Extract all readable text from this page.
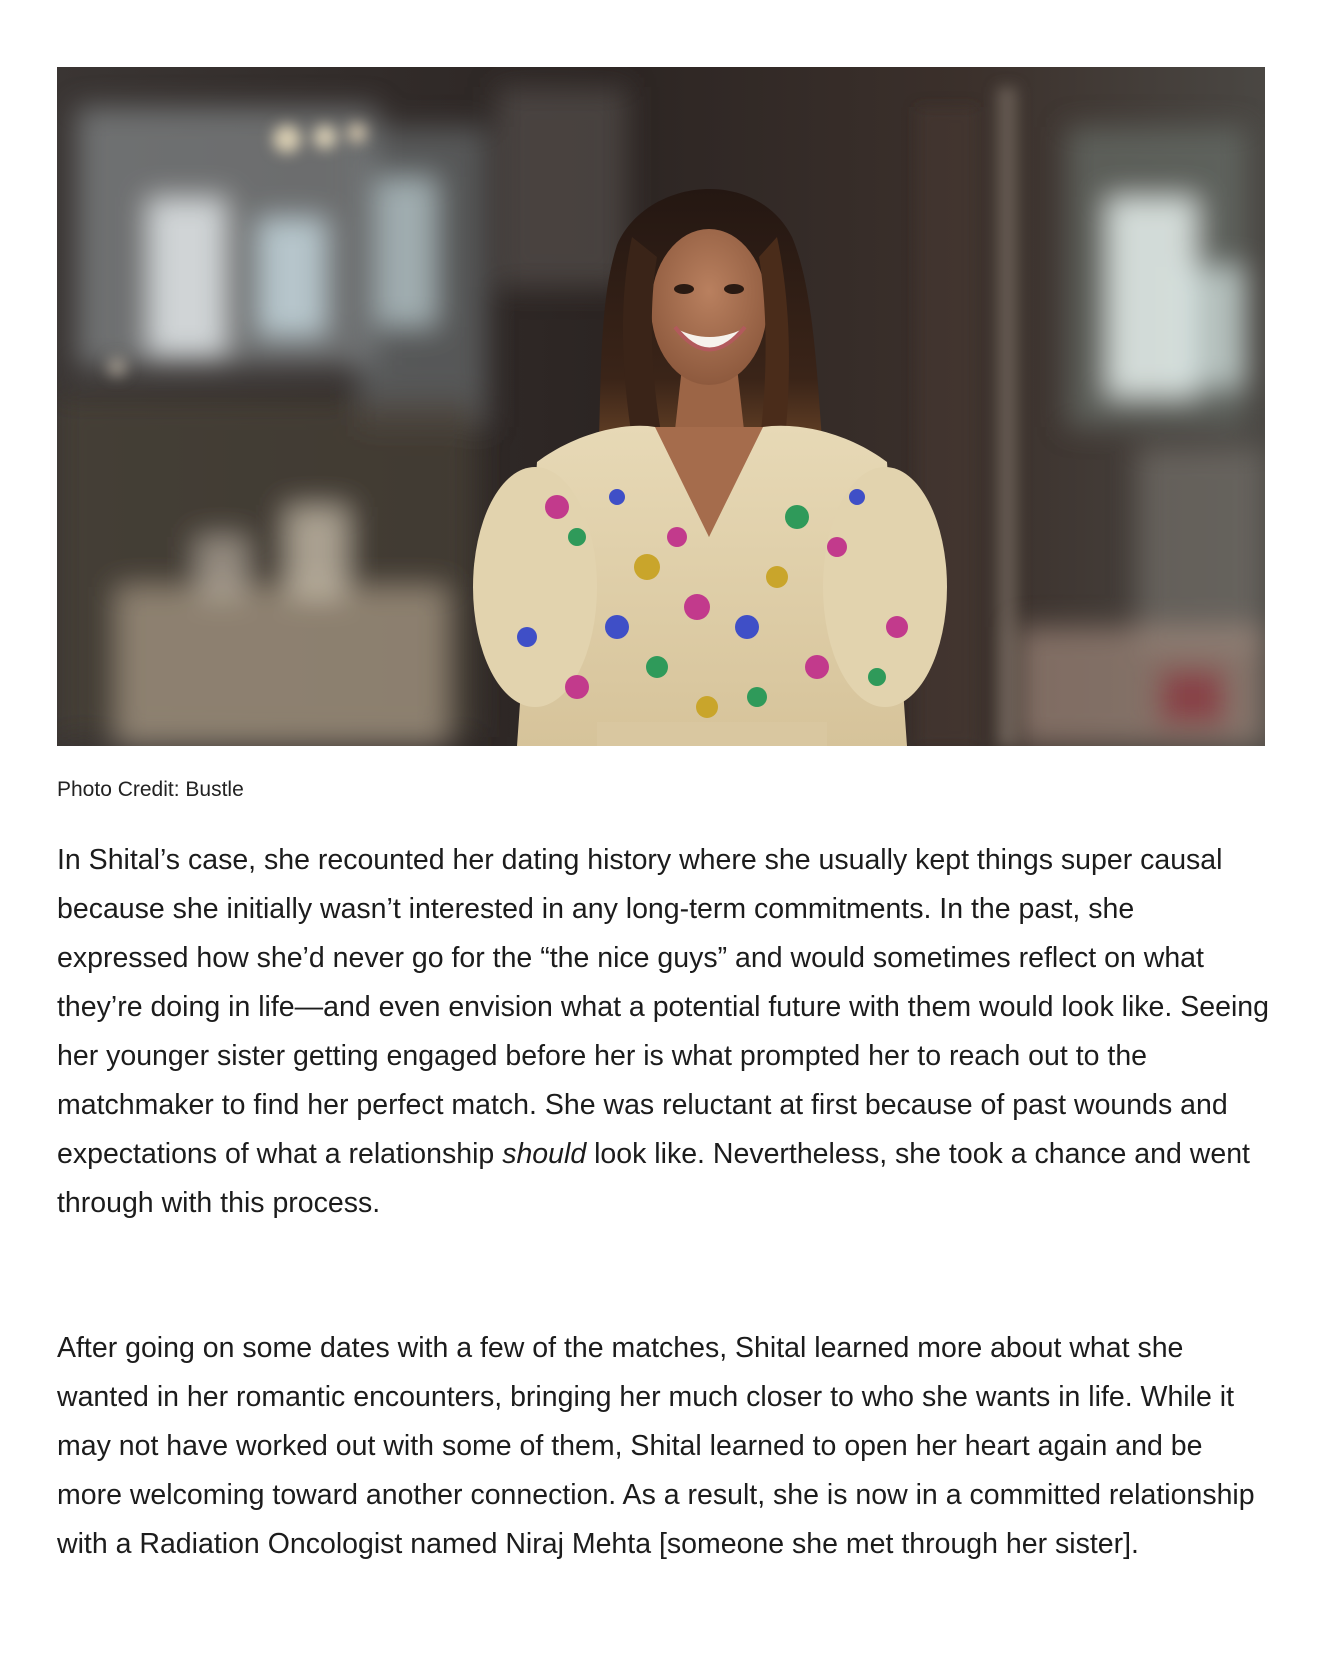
Photo Credit: Bustle

In Shital’s case, she recounted her dating history where she usually kept things super causal because she initially wasn’t interested in any long-term commitments. In the past, she expressed how she’d never go for the “the nice guys” and would sometimes reflect on what they’re doing in life—and even envision what a potential future with them would look like. Seeing her younger sister getting engaged before her is what prompted her to reach out to the matchmaker to find her perfect match. She was reluctant at first because of past wounds and expectations of what a relationship should look like. Nevertheless, she took a chance and went through with this process.

After going on some dates with a few of the matches, Shital learned more about what she wanted in her romantic encounters, bringing her much closer to who she wants in life. While it may not have worked out with some of them, Shital learned to open her heart again and be more welcoming toward another connection. As a result, she is now in a committed relationship with a Radiation Oncologist named Niraj Mehta [someone she met through her sister].
